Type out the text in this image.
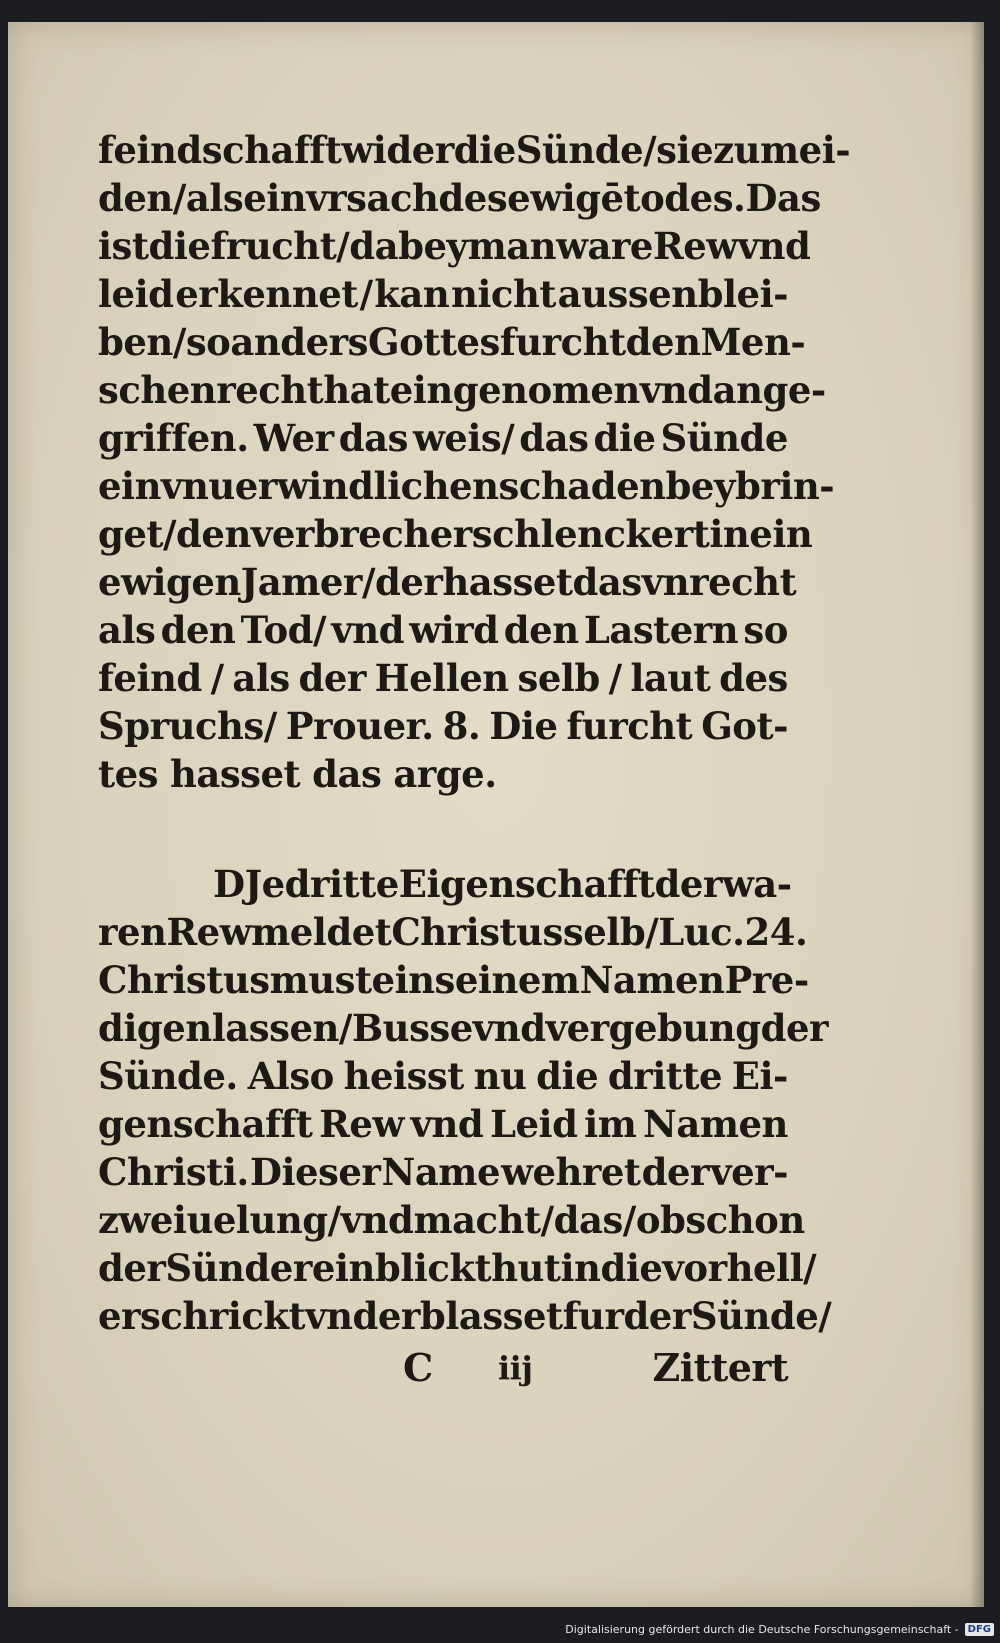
feindschafft wider die Sünde/sie zu mei-
den /als ein vrsach des ewigē todes.Das
ist die frucht/dabey man ware Rew vnd
leid erkennet / kan nicht aussenblei-
ben/ so anders Gottes furcht den Men-
schen recht hat eingenomen vnd ange-
griffen. Wer das weis/ das die Sünde
ein vnuerwindlichen schaden bey brin-
get / den verbrecher schlenckert in ein
ewigen Jamer / der hasset das vnrecht
als den Tod/ vnd wird den Lastern so
feind / als der Hellen selb / laut des
Spruchs/ Prouer. 8. Die furcht Got-
tes hasset das arge.
DJe dritte Eigenschafft der wa-
ren Rew meldet Christus selb / Luc. 24.
Christus muste in seinem Namen Pre-
digen lassen / Busse vnd vergebung der
Sünde. Also heisst nu die dritte Ei-
genschafft Rew vnd Leid im Namen
Christi. Dieser Name wehret der ver-
zweiuelung / vnd macht/ das/ ob schon
der Sünder ein blick thut in die vorhell/
erschrickt vnd erblasset fur der Sünde/
C iij	Zittert
Digitalisierung gefördert durch die Deutsche Forschungsgemeinschaft - DFG
